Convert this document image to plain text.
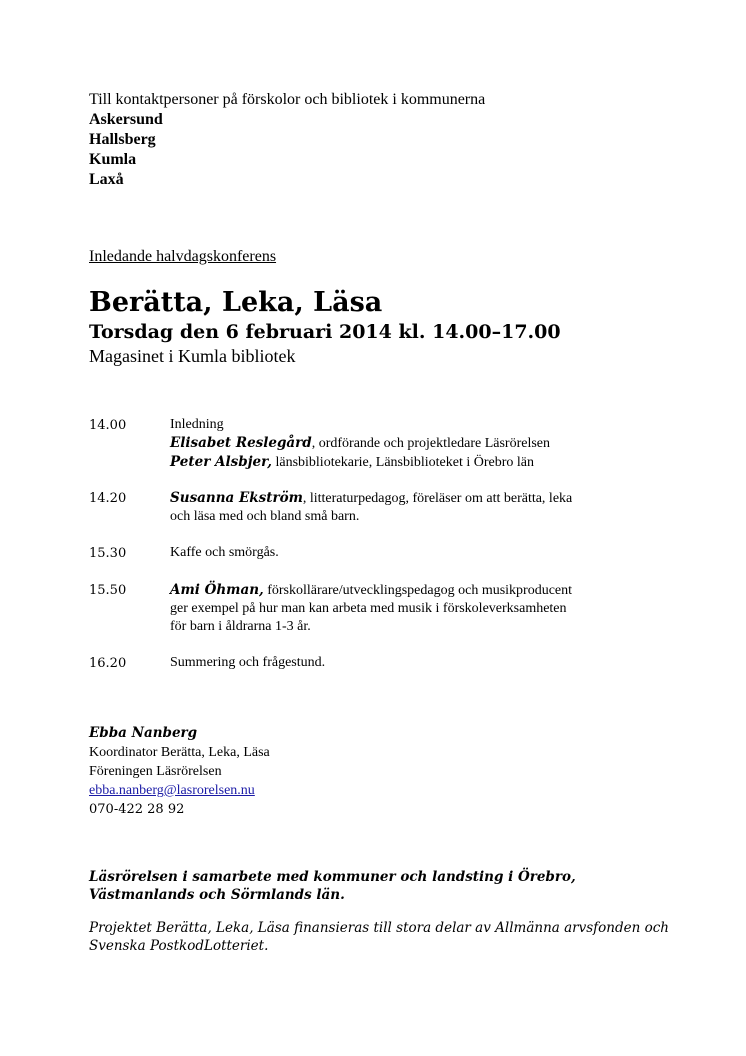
Till kontaktpersoner på förskolor och bibliotek i kommunerna
Askersund
Hallsberg
Kumla
Laxå
Inledande halvdagskonferens
Berätta, Leka, Läsa
Torsdag den 6 februari 2014 kl. 14.00–17.00
Magasinet i Kumla bibliotek
14.00	Inledning
Elisabet Reslegård, ordförande och projektledare Läsrörelsen
Peter Alsbjer, länsbibliotekarie, Länsbiblioteket i Örebro län
14.20	Susanna Ekström, litteraturpedagog, föreläser om att berätta, leka
och läsa med och bland små barn.
15.30	Kaffe och smörgås.
15.50	Ami Öhman, förskollärare/utvecklingspedagog och musikproducent
ger exempel på hur man kan arbeta med musik i förskoleverksamheten
för barn i åldrarna 1-3 år.
16.20	Summering och frågestund.
Ebba Nanberg
Koordinator Berätta, Leka, Läsa
Föreningen Läsrörelsen
ebba.nanberg@lasrorelsen.nu
070-422 28 92
Läsrörelsen i samarbete med kommuner och landsting i Örebro, Västmanlands och Sörmlands län.
Projektet Berätta, Leka, Läsa finansieras till stora delar av Allmänna arvsfonden och Svenska PostkodLotteriet.
